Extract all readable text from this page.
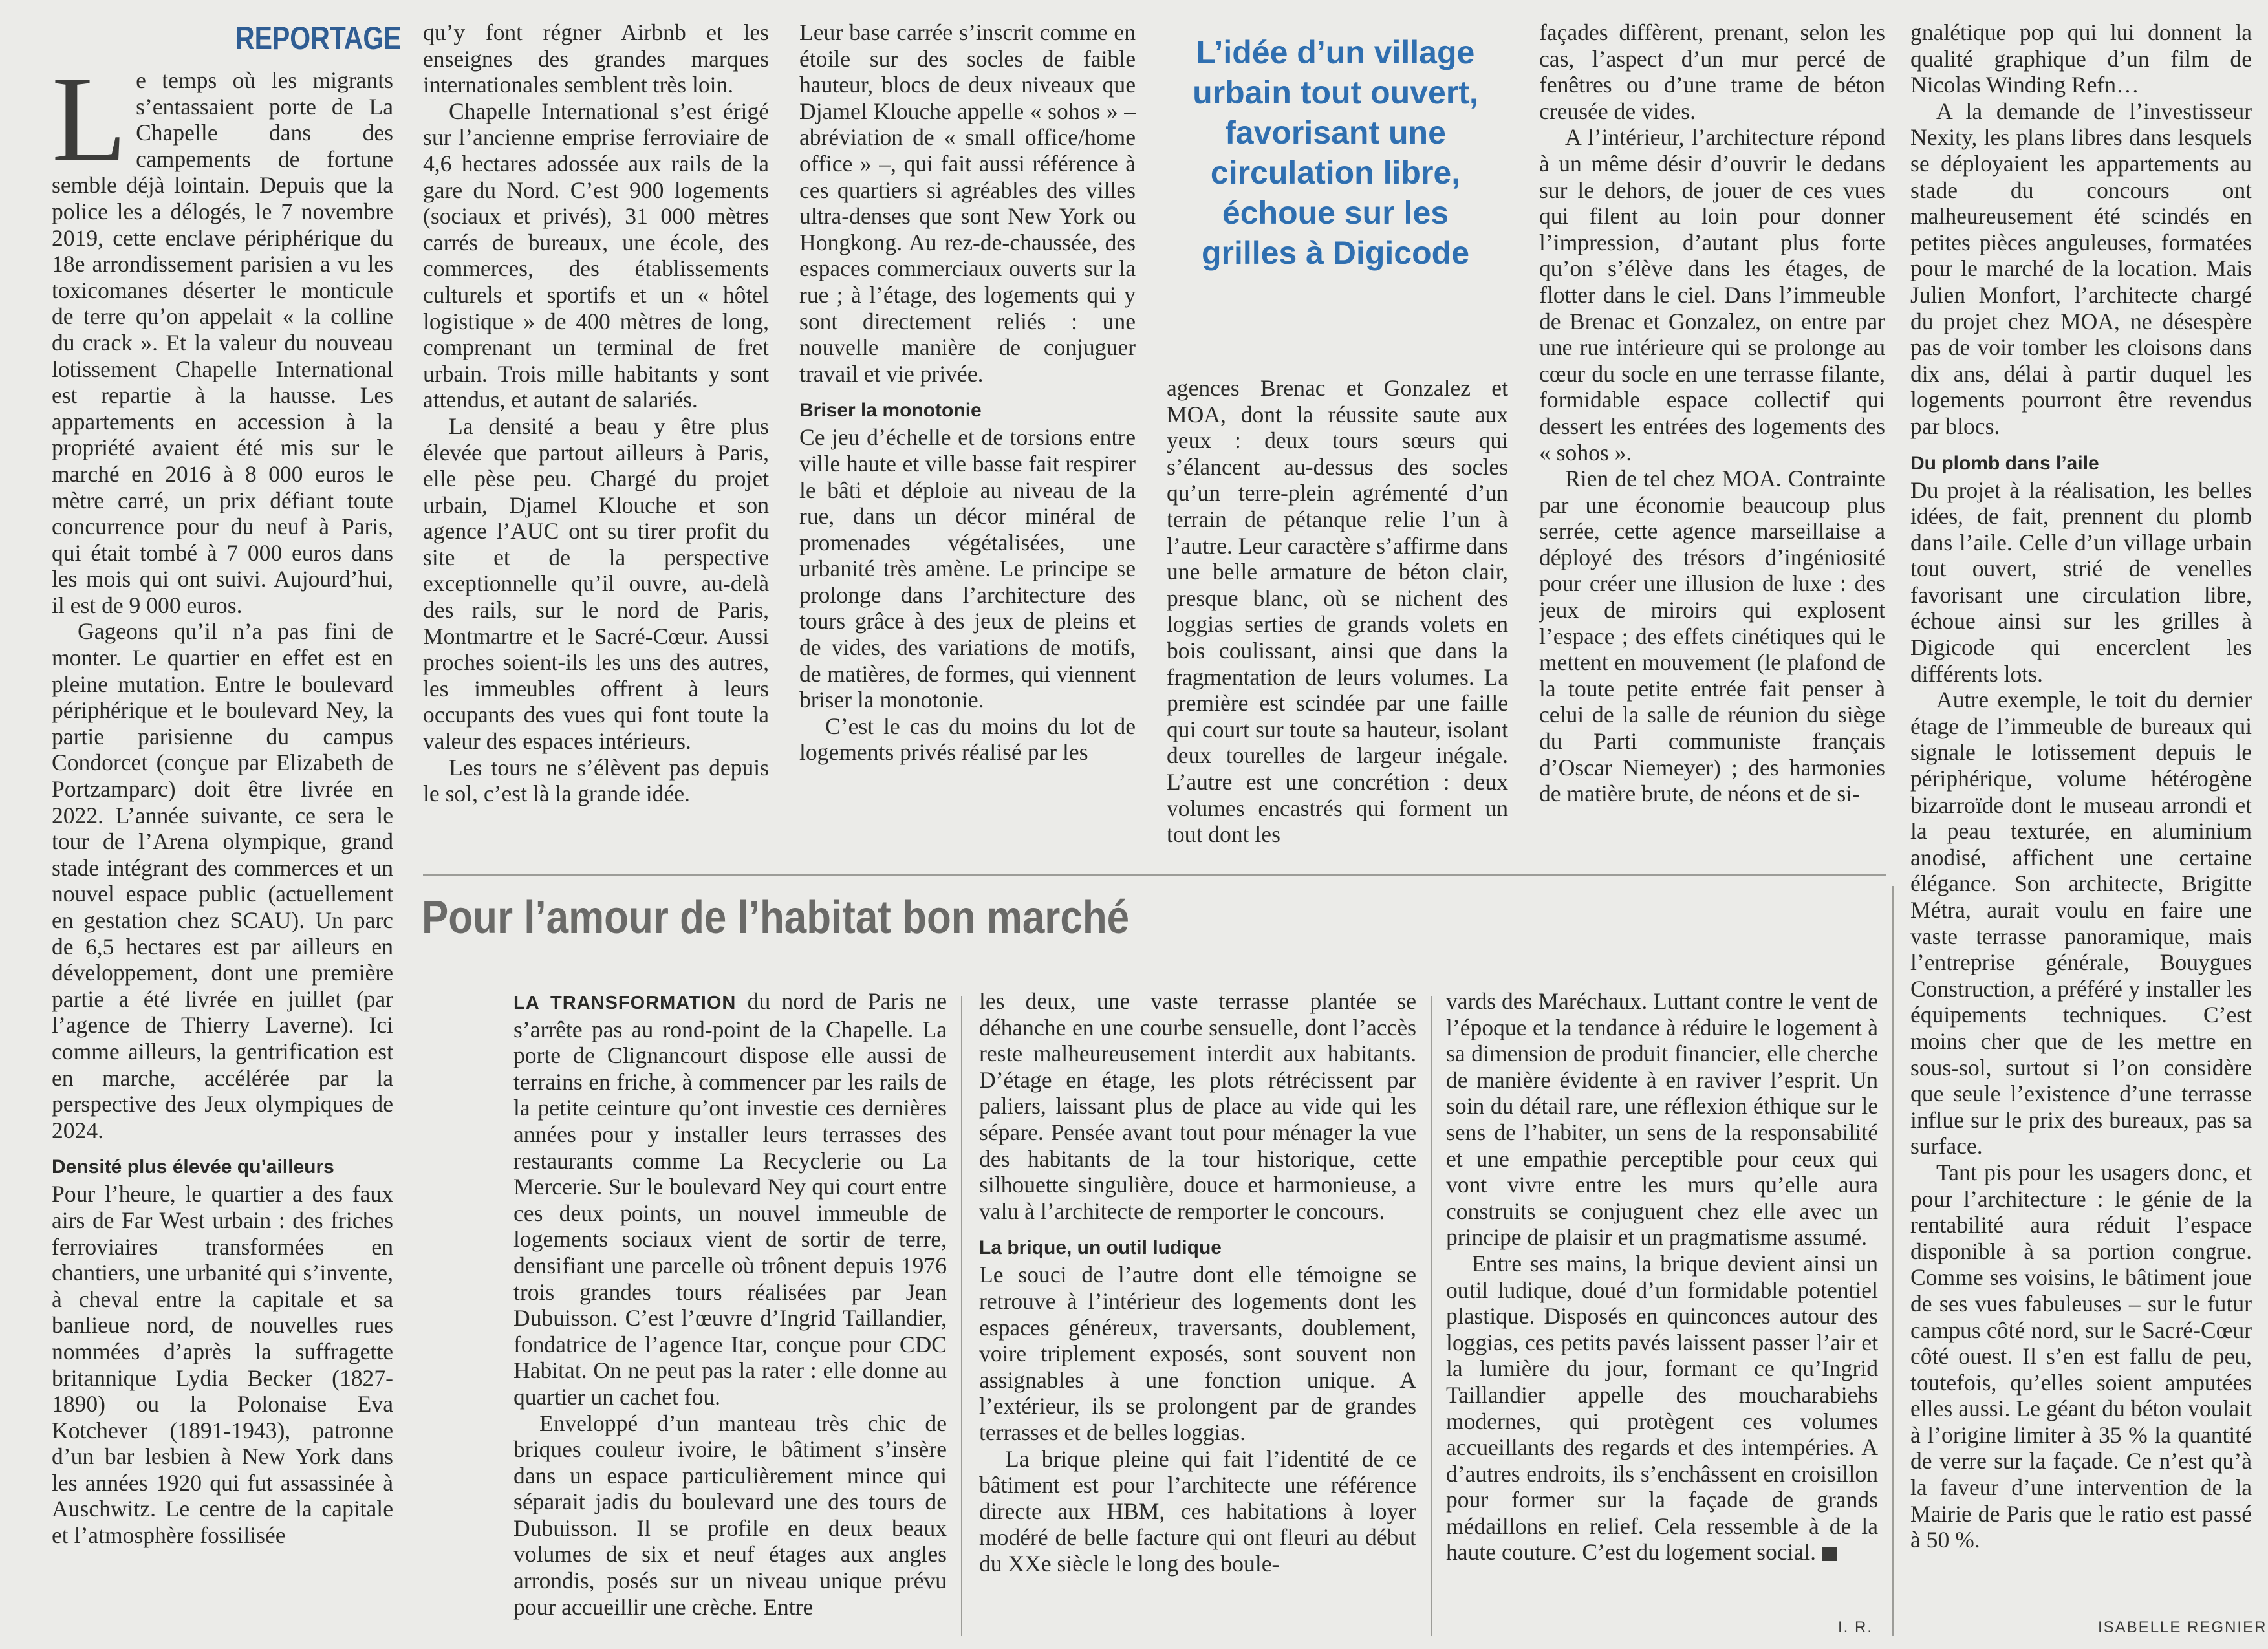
REPORTAGE

Le temps où les migrants s’entassaient porte de La Chapelle dans des campements de fortune semble déjà lointain. Depuis que la police les a délogés, le 7 novembre 2019, cette enclave périphérique du 18e arrondissement parisien a vu les toxicomanes déserter le monticule de terre qu’on appelait « la colline du crack ». Et la valeur du nouveau lotissement Chapelle International est repartie à la hausse. Les appartements en accession à la propriété avaient été mis sur le marché en 2016 à 8 000 euros le mètre carré, un prix défiant toute concurrence pour du neuf à Paris, qui était tombé à 7 000 euros dans les mois qui ont suivi. Aujourd’hui, il est de 9 000 euros.

Gageons qu’il n’a pas fini de monter. Le quartier en effet est en pleine mutation. Entre le boulevard périphérique et le boulevard Ney, la partie parisienne du campus Condorcet (conçue par Elizabeth de Portzamparc) doit être livrée en 2022. L’année suivante, ce sera le tour de l’Arena olympique, grand stade intégrant des commerces et un nouvel espace public (actuellement en gestation chez SCAU). Un parc de 6,5 hectares est par ailleurs en développement, dont une première partie a été livrée en juillet (par l’agence de Thierry Laverne). Ici comme ailleurs, la gentrification est en marche, accélérée par la perspective des Jeux olympiques de 2024.

Densité plus élevée qu’ailleurs

Pour l’heure, le quartier a des faux airs de Far West urbain : des friches ferroviaires transformées en chantiers, une urbanité qui s’invente, à cheval entre la capitale et sa banlieue nord, de nouvelles rues nommées d’après la suffragette britannique Lydia Becker (1827-1890) ou la Polonaise Eva Kotchever (1891-1943), patronne d’un bar lesbien à New York dans les années 1920 qui fut assassinée à Auschwitz. Le centre de la capitale et l’atmosphère fossilisée

qu’y font régner Airbnb et les enseignes des grandes marques internationales semblent très loin.

Chapelle International s’est érigé sur l’ancienne emprise ferroviaire de 4,6 hectares adossée aux rails de la gare du Nord. C’est 900 logements (sociaux et privés), 31 000 mètres carrés de bureaux, une école, des commerces, des établissements culturels et sportifs et un « hôtel logistique » de 400 mètres de long, comprenant un terminal de fret urbain. Trois mille habitants y sont attendus, et autant de salariés.

La densité a beau y être plus élevée que partout ailleurs à Paris, elle pèse peu. Chargé du projet urbain, Djamel Klouche et son agence l’AUC ont su tirer profit du site et de la perspective exceptionnelle qu’il ouvre, au-delà des rails, sur le nord de Paris, Montmartre et le Sacré-Cœur. Aussi proches soient-ils les uns des autres, les immeubles offrent à leurs occupants des vues qui font toute la valeur des espaces intérieurs.

Les tours ne s’élèvent pas depuis le sol, c’est là la grande idée.

Leur base carrée s’inscrit comme en étoile sur des socles de faible hauteur, blocs de deux niveaux que Djamel Klouche appelle « sohos » – abréviation de « small office/home office » –, qui fait aussi référence à ces quartiers si agréables des villes ultra-denses que sont New York ou Hongkong. Au rez-de-chaussée, des espaces commerciaux ouverts sur la rue ; à l’étage, des logements qui y sont directement reliés : une nouvelle manière de conjuguer travail et vie privée.

Briser la monotonie

Ce jeu d’échelle et de torsions entre ville haute et ville basse fait respirer le bâti et déploie au niveau de la rue, dans un décor minéral de promenades végétalisées, une urbanité très amène. Le principe se prolonge dans l’architecture des tours grâce à des jeux de pleins et de vides, des variations de motifs, de matières, de formes, qui viennent briser la monotonie.

C’est le cas du moins du lot de logements privés réalisé par les

L’idée d’un village urbain tout ouvert, favorisant une circulation libre, échoue sur les grilles à Digicode

agences Brenac et Gonzalez et MOA, dont la réussite saute aux yeux : deux tours sœurs qui s’élancent au-dessus des socles qu’un terre-plein agrémenté d’un terrain de pétanque relie l’un à l’autre. Leur caractère s’affirme dans une belle armature de béton clair, presque blanc, où se nichent des loggias serties de grands volets en bois coulissant, ainsi que dans la fragmentation de leurs volumes. La première est scindée par une faille qui court sur toute sa hauteur, isolant deux tourelles de largeur inégale. L’autre est une concrétion : deux volumes encastrés qui forment un tout dont les

façades diffèrent, prenant, selon les cas, l’aspect d’un mur percé de fenêtres ou d’une trame de béton creusée de vides.

A l’intérieur, l’architecture répond à un même désir d’ouvrir le dedans sur le dehors, de jouer de ces vues qui filent au loin pour donner l’impression, d’autant plus forte qu’on s’élève dans les étages, de flotter dans le ciel. Dans l’immeuble de Brenac et Gonzalez, on entre par une rue intérieure qui se prolonge au cœur du socle en une terrasse filante, formidable espace collectif qui dessert les entrées des logements des « sohos ».

Rien de tel chez MOA. Contrainte par une économie beaucoup plus serrée, cette agence marseillaise a déployé des trésors d’ingéniosité pour créer une illusion de luxe : des jeux de miroirs qui explosent l’espace ; des effets cinétiques qui le mettent en mouvement (le plafond de la toute petite entrée fait penser à celui de la salle de réunion du siège du Parti communiste français d’Oscar Niemeyer) ; des harmonies de matière brute, de néons et de si-

gnalétique pop qui lui donnent la qualité graphique d’un film de Nicolas Winding Refn…

A la demande de l’investisseur Nexity, les plans libres dans lesquels se déployaient les appartements au stade du concours ont malheureusement été scindés en petites pièces anguleuses, formatées pour le marché de la location. Mais Julien Monfort, l’architecte chargé du projet chez MOA, ne désespère pas de voir tomber les cloisons dans dix ans, délai à partir duquel les logements pourront être revendus par blocs.

Du plomb dans l’aile

Du projet à la réalisation, les belles idées, de fait, prennent du plomb dans l’aile. Celle d’un village urbain tout ouvert, strié de venelles favorisant une circulation libre, échoue ainsi sur les grilles à Digicode qui encerclent les différents lots.

Autre exemple, le toit du dernier étage de l’immeuble de bureaux qui signale le lotissement depuis le périphérique, volume hétérogène bizarroïde dont le museau arrondi et la peau texturée, en aluminium anodisé, affichent une certaine élégance. Son architecte, Brigitte Métra, aurait voulu en faire une vaste terrasse panoramique, mais l’entreprise générale, Bouygues Construction, a préféré y installer les équipements techniques. C’est moins cher que de les mettre en sous-sol, surtout si l’on considère que seule l’existence d’une terrasse influe sur le prix des bureaux, pas sa surface.

Tant pis pour les usagers donc, et pour l’architecture : le génie de la rentabilité aura réduit l’espace disponible à sa portion congrue. Comme ses voisins, le bâtiment joue de ses vues fabuleuses – sur le futur campus côté nord, sur le Sacré-Cœur côté ouest. Il s’en est fallu de peu, toutefois, qu’elles soient amputées elles aussi. Le géant du béton voulait à l’origine limiter à 35 % la quantité de verre sur la façade. Ce n’est qu’à la faveur d’une intervention de la Mairie de Paris que le ratio est passé à 50 %.

ISABELLE REGNIER
Pour l’amour de l’habitat bon marché

LA TRANSFORMATION du nord de Paris ne s’arrête pas au rond-point de la Chapelle. La porte de Clignancourt dispose elle aussi de terrains en friche, à commencer par les rails de la petite ceinture qu’ont investie ces dernières années pour y installer leurs terrasses des restaurants comme La Recyclerie ou La Mercerie. Sur le boulevard Ney qui court entre ces deux points, un nouvel immeuble de logements sociaux vient de sortir de terre, densifiant une parcelle où trônent depuis 1976 trois grandes tours réalisées par Jean Dubuisson. C’est l’œuvre d’Ingrid Taillandier, fondatrice de l’agence Itar, conçue pour CDC Habitat. On ne peut pas la rater : elle donne au quartier un cachet fou.

Enveloppé d’un manteau très chic de briques couleur ivoire, le bâtiment s’insère dans un espace particulièrement mince qui séparait jadis du boulevard une des tours de Dubuisson. Il se profile en deux beaux volumes de six et neuf étages aux angles arrondis, posés sur un niveau unique prévu pour accueillir une crèche. Entre

les deux, une vaste terrasse plantée se déhanche en une courbe sensuelle, dont l’accès reste malheureusement interdit aux habitants. D’étage en étage, les plots rétrécissent par paliers, laissant plus de place au vide qui les sépare. Pensée avant tout pour ménager la vue des habitants de la tour historique, cette silhouette singulière, douce et harmonieuse, a valu à l’architecte de remporter le concours.

La brique, un outil ludique

Le souci de l’autre dont elle témoigne se retrouve à l’intérieur des logements dont les espaces généreux, traversants, doublement, voire triplement exposés, sont souvent non assignables à une fonction unique. A l’extérieur, ils se prolongent par de grandes terrasses et de belles loggias.

La brique pleine qui fait l’identité de ce bâtiment est pour l’architecte une référence directe aux HBM, ces habitations à loyer modéré de belle facture qui ont fleuri au début du XXe siècle le long des boule-

vards des Maréchaux. Luttant contre le vent de l’époque et la tendance à réduire le logement à sa dimension de produit financier, elle cherche de manière évidente à en raviver l’esprit. Un soin du détail rare, une réflexion éthique sur le sens de l’habiter, un sens de la responsabilité et une empathie perceptible pour ceux qui vont vivre entre les murs qu’elle aura construits se conjuguent chez elle avec un principe de plaisir et un pragmatisme assumé.

Entre ses mains, la brique devient ainsi un outil ludique, doué d’un formidable potentiel plastique. Disposés en quinconces autour des loggias, ces petits pavés laissent passer l’air et la lumière du jour, formant ce qu’Ingrid Taillandier appelle des moucharabiehs modernes, qui protègent ces volumes accueillants des regards et des intempéries. A d’autres endroits, ils s’enchâssent en croisillon pour former sur la façade de grands médaillons en relief. Cela ressemble à de la haute couture. C’est du logement social.

I. R.
